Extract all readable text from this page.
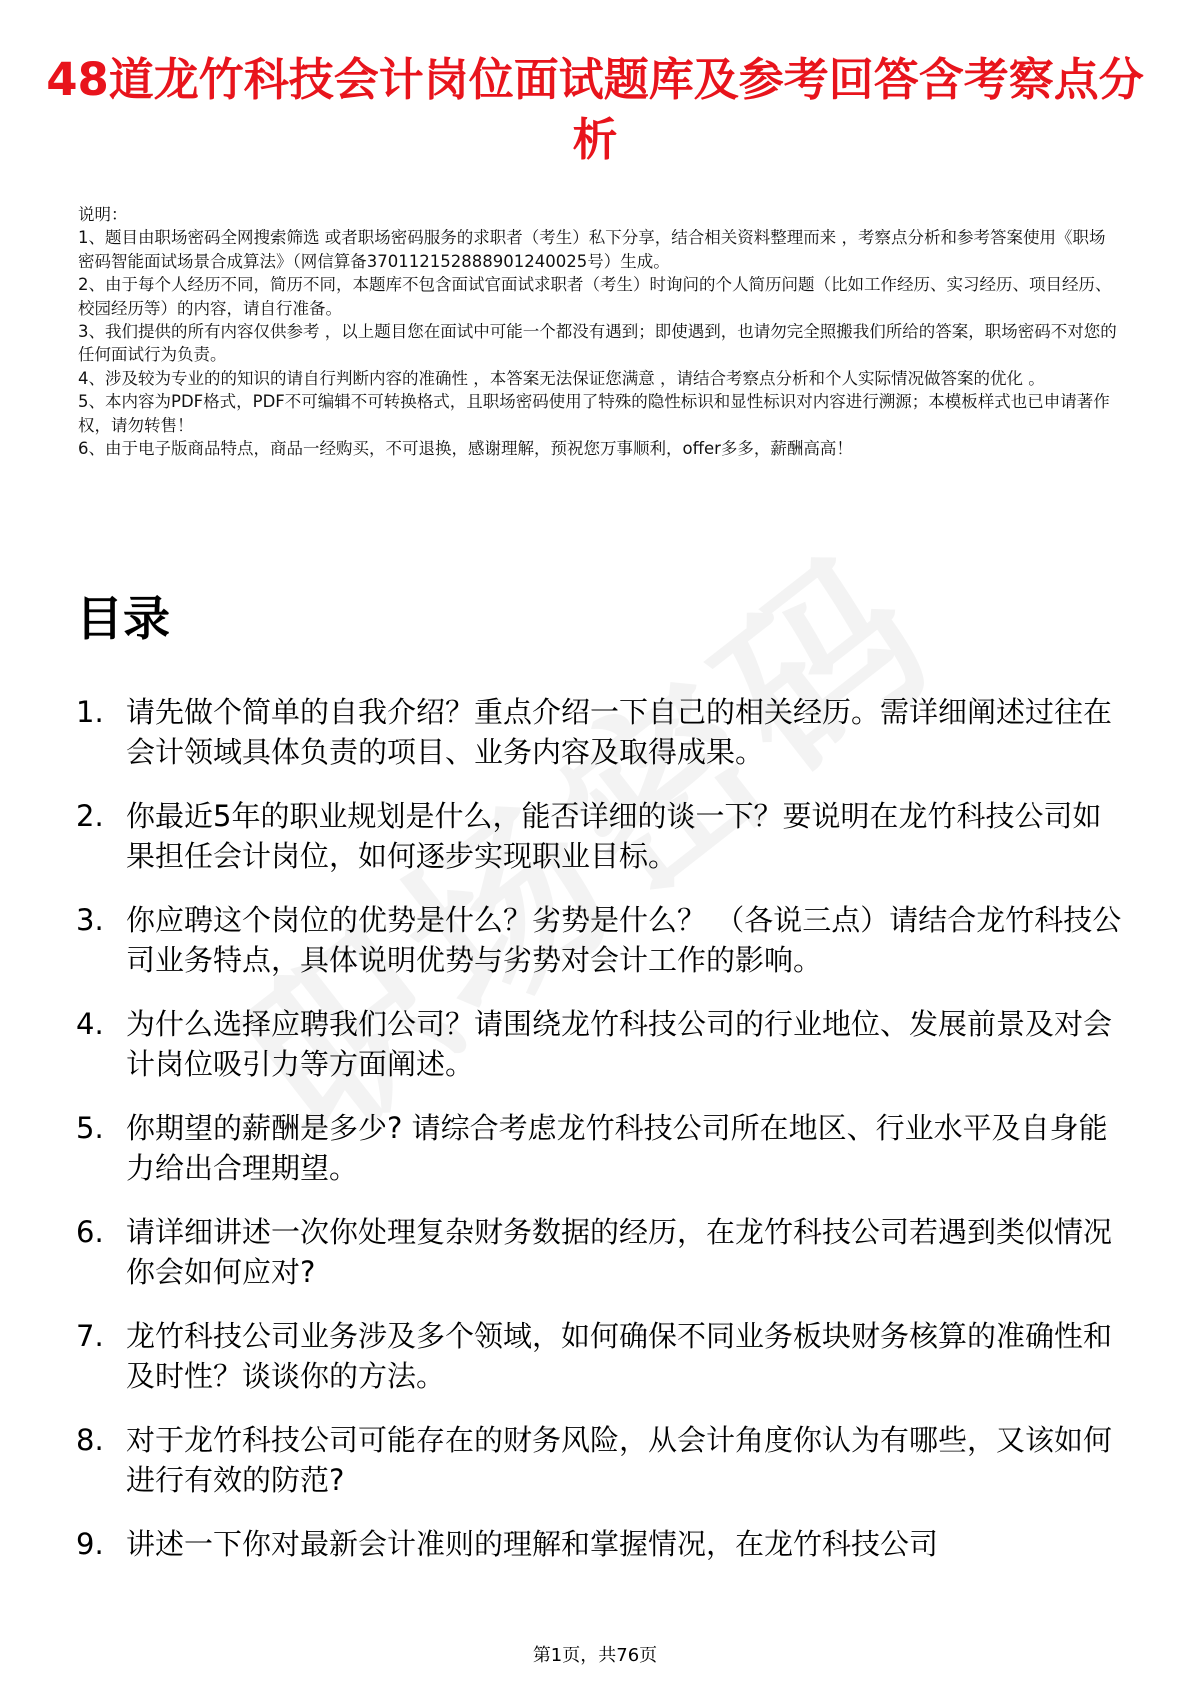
48道龙竹科技会计岗位面试题库及参考回答含考察点分析

说明：

1、题目由职场密码全网搜索筛选 或者职场密码服务的求职者（考生）私下分享，结合相关资料整理而来 ，考察点分析和参考答案使用《职场密码智能面试场景合成算法》（网信算备370112152888901240025号）生成。

2、由于每个人经历不同，简历不同，本题库不包含面试官面试求职者（考生）时询问的个人简历问题（比如工作经历、实习经历、项目经历、校园经历等）的内容，请自行准备。

3、我们提供的所有内容仅供参考 ，以上题目您在面试中可能一个都没有遇到；即使遇到，也请勿完全照搬我们所给的答案，职场密码不对您的任何面试行为负责。

4、涉及较为专业的的知识的请自行判断内容的准确性 ，本答案无法保证您满意 ，请结合考察点分析和个人实际情况做答案的优化 。

5、本内容为PDF格式，PDF不可编辑不可转换格式，且职场密码使用了特殊的隐性标识和显性标识对内容进行溯源；本模板样式也已申请著作权，请勿转售！

6、由于电子版商品特点，商品一经购买，不可退换，感谢理解，预祝您万事顺利，offer多多，薪酬高高！

目录
1. 请先做个简单的自我介绍？重点介绍一下自己的相关经历。需详细阐述过往在会计领域具体负责的项目、业务内容及取得成果。
2. 你最近5年的职业规划是什么，能否详细的谈一下？要说明在龙竹科技公司如果担任会计岗位，如何逐步实现职业目标。
3. 你应聘这个岗位的优势是什么？劣势是什么？ （各说三点）请结合龙竹科技公司业务特点，具体说明优势与劣势对会计工作的影响。
4. 为什么选择应聘我们公司？请围绕龙竹科技公司的行业地位、发展前景及对会计岗位吸引力等方面阐述。
5. 你期望的薪酬是多少? 请综合考虑龙竹科技公司所在地区、行业水平及自身能力给出合理期望。
6. 请详细讲述一次你处理复杂财务数据的经历，在龙竹科技公司若遇到类似情况你会如何应对?
7. 龙竹科技公司业务涉及多个领域，如何确保不同业务板块财务核算的准确性和及时性？谈谈你的方法。
8. 对于龙竹科技公司可能存在的财务风险，从会计角度你认为有哪些，又该如何进行有效的防范?
9. 讲述一下你对最新会计准则的理解和掌握情况，在龙竹科技公司
第1页，共76页
